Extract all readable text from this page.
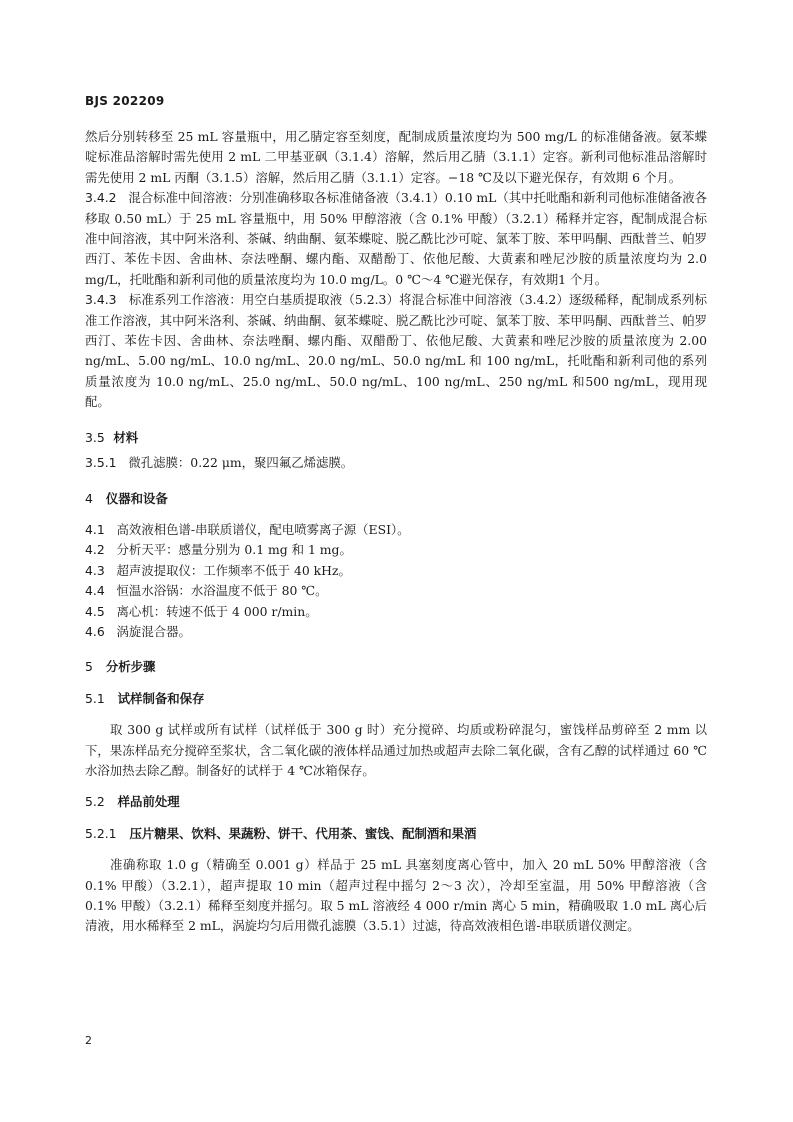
BJS 202209

然后分别转移至 25 mL 容量瓶中，用乙腈定容至刻度，配制成质量浓度均为 500 mg/L 的标准储备液。氨苯蝶啶标准品溶解时需先使用 2 mL 二甲基亚砜（3.1.4）溶解，然后用乙腈（3.1.1）定容。新利司他标准品溶解时需先使用 2 mL 丙酮（3.1.5）溶解，然后用乙腈（3.1.1）定容。−18 ℃及以下避光保存，有效期 6 个月。

3.4.2 混合标准中间溶液：分别准确移取各标准储备液（3.4.1）0.10 mL（其中托吡酯和新利司他标准储备液各移取 0.50 mL）于 25 mL 容量瓶中，用 50% 甲醇溶液（含 0.1% 甲酸）（3.2.1）稀释并定容，配制成混合标准中间溶液，其中阿米洛利、茶碱、纳曲酮、氨苯蝶啶、脱乙酰比沙可啶、氯苯丁胺、苯甲吗酮、西酞普兰、帕罗西汀、苯佐卡因、舍曲林、奈法唑酮、螺内酯、双醋酚丁、依他尼酸、大黄素和唑尼沙胺的质量浓度均为 2.0 mg/L，托吡酯和新利司他的质量浓度均为 10.0 mg/L。0 ℃～4 ℃避光保存，有效期1 个月。

3.4.3 标准系列工作溶液：用空白基质提取液（5.2.3）将混合标准中间溶液（3.4.2）逐级稀释，配制成系列标准工作溶液，其中阿米洛利、茶碱、纳曲酮、氨苯蝶啶、脱乙酰比沙可啶、氯苯丁胺、苯甲吗酮、西酞普兰、帕罗西汀、苯佐卡因、舍曲林、奈法唑酮、螺内酯、双醋酚丁、依他尼酸、大黄素和唑尼沙胺的质量浓度为 2.00 ng/mL、5.00 ng/mL、10.0 ng/mL、20.0 ng/mL、50.0 ng/mL 和 100 ng/mL，托吡酯和新利司他的系列质量浓度为 10.0 ng/mL、25.0 ng/mL、50.0 ng/mL、100 ng/mL、250 ng/mL 和500 ng/mL，现用现配。

3.5 材料

3.5.1 微孔滤膜：0.22 μm，聚四氟乙烯滤膜。

4 仪器和设备

4.1 高效液相色谱-串联质谱仪，配电喷雾离子源（ESI）。

4.2 分析天平：感量分别为 0.1 mg 和 1 mg。

4.3 超声波提取仪：工作频率不低于 40 kHz。

4.4 恒温水浴锅：水浴温度不低于 80 ℃。

4.5 离心机：转速不低于 4 000 r/min。

4.6 涡旋混合器。

5 分析步骤
5.1 试样制备和保存

取 300 g 试样或所有试样（试样低于 300 g 时）充分搅碎、均质或粉碎混匀，蜜饯样品剪碎至 2 mm 以下，果冻样品充分搅碎至浆状，含二氧化碳的液体样品通过加热或超声去除二氧化碳，含有乙醇的试样通过 60 ℃水浴加热去除乙醇。制备好的试样于 4 ℃冰箱保存。

5.2 样品前处理
5.2.1 压片糖果、饮料、果蔬粉、饼干、代用茶、蜜饯、配制酒和果酒

准确称取 1.0 g（精确至 0.001 g）样品于 25 mL 具塞刻度离心管中，加入 20 mL 50% 甲醇溶液（含 0.1% 甲酸）（3.2.1），超声提取 10 min（超声过程中摇匀 2～3 次），冷却至室温，用 50% 甲醇溶液（含 0.1% 甲酸）（3.2.1）稀释至刻度并摇匀。取 5 mL 溶液经 4 000 r/min 离心 5 min，精确吸取 1.0 mL 离心后清液，用水稀释至 2 mL，涡旋均匀后用微孔滤膜（3.5.1）过滤，待高效液相色谱-串联质谱仪测定。

2
